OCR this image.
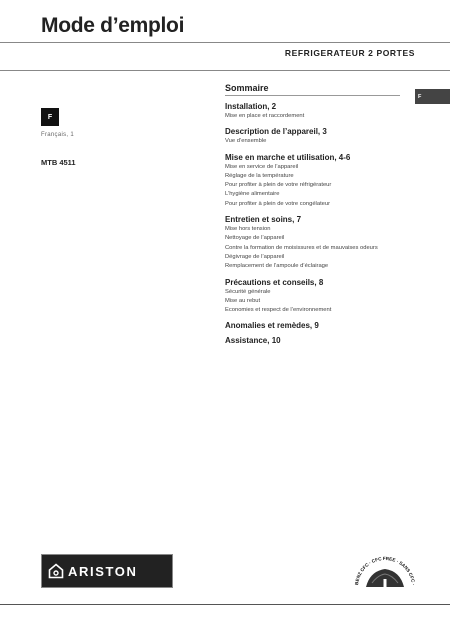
Mode d’emploi
REFRIGERATEUR 2 PORTES
F
Français, 1
MTB 4511
F
Sommaire
Installation, 2
Mise en place et raccordement
Description de l’appareil, 3
Vue d’ensemble
Mise en marche et utilisation, 4-6
Mise en service de l’appareil
Réglage de la température
Pour profiter à plein de votre réfrigérateur
L’hygiène alimentaire
Pour profiter à plein de votre congélateur
Entretien et soins, 7
Mise hors tension
Nettoyage de l’appareil
Contre la formation de moisissures et de mauvaises odeurs
Dégivrage de l’appareil
Remplacement de l’ampoule d’éclairage
Précautions et conseils, 8
Sécurité générale
Mise au rebut
Economies et respect de l’environnement
Anomalies et remèdes, 9
Assistance, 10
ARISTON
BENZ CFC · CFC FREE · SANS CFC ·
